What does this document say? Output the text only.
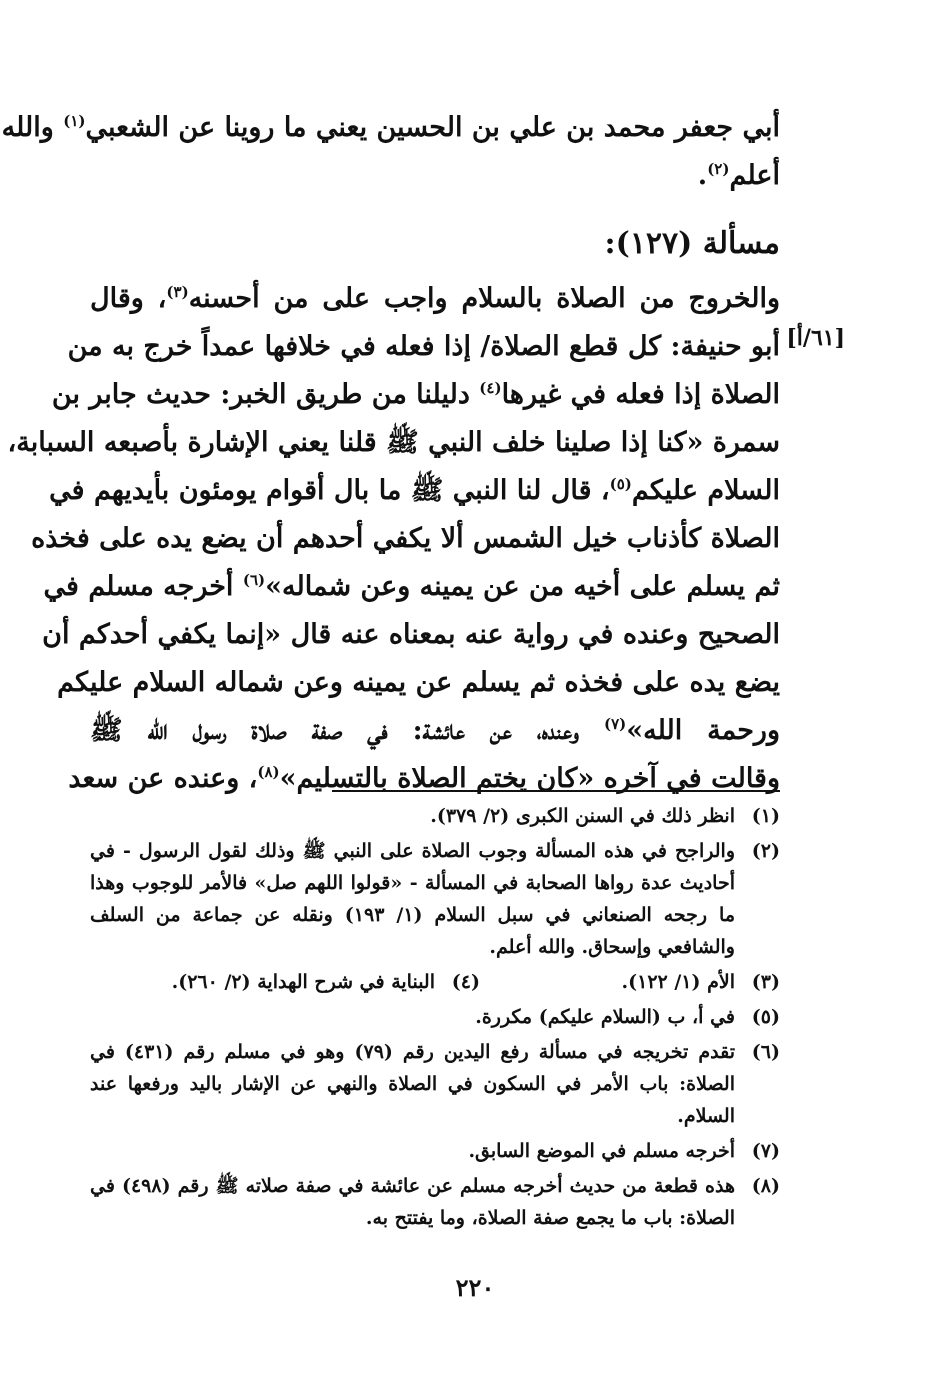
أبي جعفر محمد بن علي بن الحسين يعني ما روينا عن الشعبي$^{(١)}$ والله
أعلم$^{(٢)}$.
مسألة (١٢٧):
[٦١/أ]
والخروج من الصلاة بالسلام واجب على من أحسنه$^{(٣)}$، وقال
أبو حنيفة: كل قطع الصلاة/ إذا فعله في خلافها عمداً خرج به من
الصلاة إذا فعله في غيرها$^{(٤)}$ دليلنا من طريق الخبر: حديث جابر بن
سمرة «كنا إذا صلينا خلف النبي ﷺ قلنا يعني الإشارة بأصبعه السبابة،
السلام عليكم$^{(٥)}$، قال لنا النبي ﷺ ما بال أقوام يومئون بأيديهم في
الصلاة كأذناب خيل الشمس ألا يكفي أحدهم أن يضع يده على فخذه
ثم يسلم على أخيه من عن يمينه وعن شماله»$^{(٦)}$ أخرجه مسلم في
الصحيح وعنده في رواية عنه بمعناه عنه قال «إنما يكفي أحدكم أن
يضع يده على فخذه ثم يسلم عن يمينه وعن شماله السلام عليكم
ورحمة الله»$^{(٧)}$ وعنده، عن عائشة: في صفة صلاة رسول الله ﷺ
وقالت في آخره «كان يختم الصلاة بالتسليم»$^{(٨)}$، وعنده عن سعد
(١)
انظر ذلك في السنن الكبرى (٢/ ٣٧٩).
(٢)
والراجح في هذه المسألة وجوب الصلاة على النبي ﷺ وذلك لقول الرسول - في أحاديث عدة رواها الصحابة في المسألة - «قولوا اللهم صل» فالأمر للوجوب وهذا ما رجحه الصنعاني في سبل السلام (١/ ١٩٣) ونقله عن جماعة من السلف والشافعي وإسحاق. والله أعلم.
(٣)
الأم (١/ ١٢٢).
(٤)
البناية في شرح الهداية (٢/ ٢٦٠).
(٥)
في أ، ب (السلام عليكم) مكررة.
(٦)
تقدم تخريجه في مسألة رفع اليدين رقم (٧٩) وهو في مسلم رقم (٤٣١) في الصلاة: باب الأمر في السكون في الصلاة والنهي عن الإشار باليد ورفعها عند السلام.
(٧)
أخرجه مسلم في الموضع السابق.
(٨)
هذه قطعة من حديث أخرجه مسلم عن عائشة في صفة صلاته ﷺ رقم (٤٩٨) في الصلاة: باب ما يجمع صفة الصلاة، وما يفتتح به.
٢٢٠
